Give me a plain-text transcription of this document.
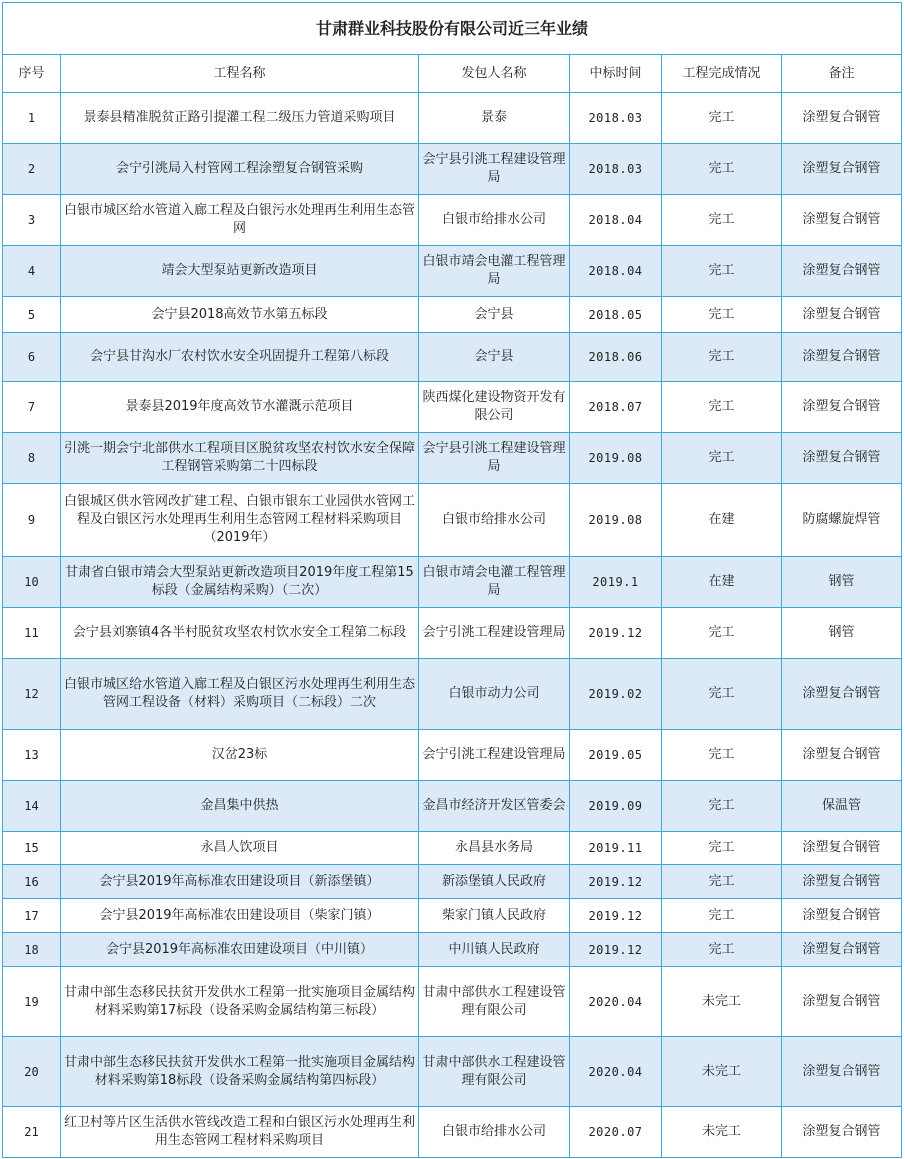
甘肃群业科技股份有限公司近三年业绩					
序号	工程名称	发包人名称	中标时间	工程完成情况	备注
1	景泰县精准脱贫正路引提灌工程二级压力管道采购项目	景泰	2018.03	完工	涂塑复合钢管
2	会宁引洮局入村管网工程涂塑复合钢管采购	会宁县引洮工程建设管理局	2018.03	完工	涂塑复合钢管
3	白银市城区给水管道入廊工程及白银污水处理再生利用生态管网	白银市给排水公司	2018.04	完工	涂塑复合钢管
4	靖会大型泵站更新改造项目	白银市靖会电灌工程管理局	2018.04	完工	涂塑复合钢管
5	会宁县2018高效节水第五标段	会宁县	2018.05	完工	涂塑复合钢管
6	会宁县甘沟水厂农村饮水安全巩固提升工程第八标段	会宁县	2018.06	完工	涂塑复合钢管
7	景泰县2019年度高效节水灌溉示范项目	陕西煤化建设物资开发有限公司	2018.07	完工	涂塑复合钢管
8	引洮一期会宁北部供水工程项目区脱贫攻坚农村饮水安全保障工程钢管采购第二十四标段	会宁县引洮工程建设管理局	2019.08	完工	涂塑复合钢管
9	白银城区供水管网改扩建工程、白银市银东工业园供水管网工程及白银区污水处理再生利用生态管网工程材料采购项目（2019年）	白银市给排水公司	2019.08	在建	防腐螺旋焊管
10	甘肃省白银市靖会大型泵站更新改造项目2019年度工程第15标段（金属结构采购）（二次）	白银市靖会电灌工程管理局	2019.1	在建	钢管
11	会宁县刘寨镇4各半村脱贫攻坚农村饮水安全工程第二标段	会宁引洮工程建设管理局	2019.12	完工	钢管
12	白银市城区给水管道入廊工程及白银区污水处理再生利用生态管网工程设备（材料）采购项目（二标段）二次	白银市动力公司	2019.02	完工	涂塑复合钢管
13	汉岔23标	会宁引洮工程建设管理局	2019.05	完工	涂塑复合钢管
14	金昌集中供热	金昌市经济开发区管委会	2019.09	完工	保温管
15	永昌人饮项目	永昌县水务局	2019.11	完工	涂塑复合钢管
16	会宁县2019年高标准农田建设项目（新添堡镇）	新添堡镇人民政府	2019.12	完工	涂塑复合钢管
17	会宁县2019年高标准农田建设项目（柴家门镇）	柴家门镇人民政府	2019.12	完工	涂塑复合钢管
18	会宁县2019年高标准农田建设项目（中川镇）	中川镇人民政府	2019.12	完工	涂塑复合钢管
19	甘肃中部生态移民扶贫开发供水工程第一批实施项目金属结构材料采购第17标段（设备采购金属结构第三标段）	甘肃中部供水工程建设管理有限公司	2020.04	未完工	涂塑复合钢管
20	甘肃中部生态移民扶贫开发供水工程第一批实施项目金属结构材料采购第18标段（设备采购金属结构第四标段）	甘肃中部供水工程建设管理有限公司	2020.04	未完工	涂塑复合钢管
21	红卫村等片区生活供水管线改造工程和白银区污水处理再生利用生态管网工程材料采购项目	白银市给排水公司	2020.07	未完工	涂塑复合钢管
